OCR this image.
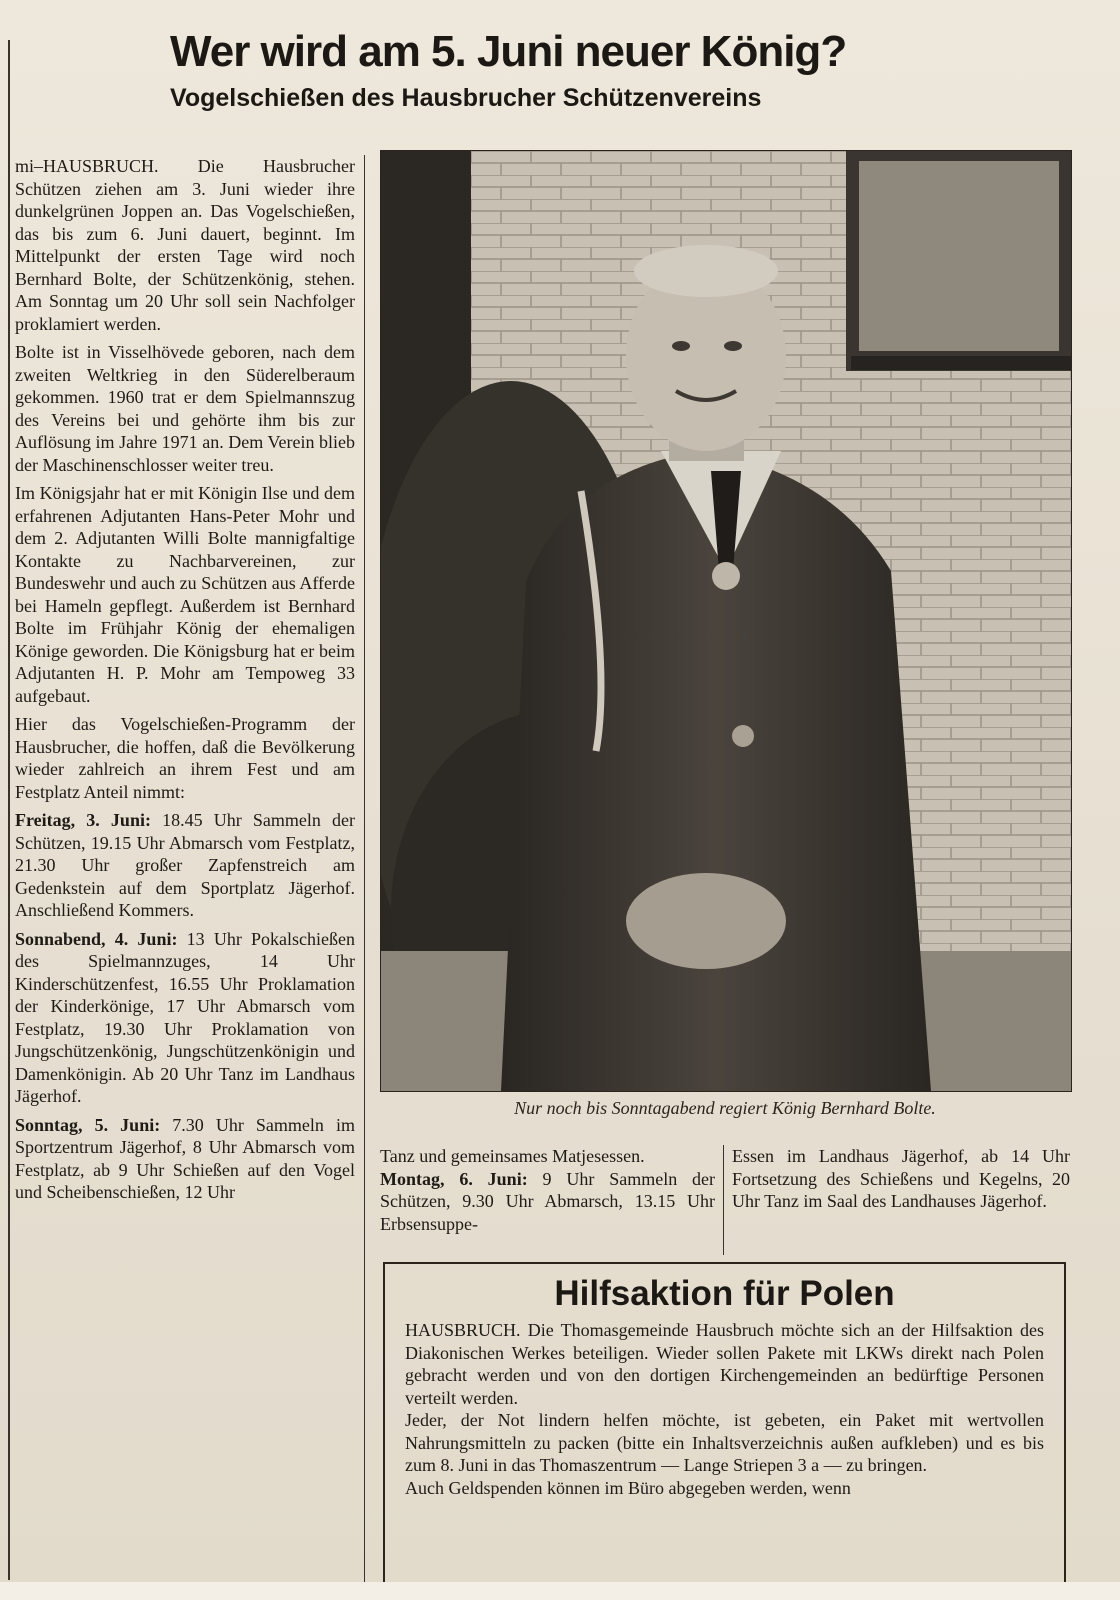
Wer wird am 5. Juni neuer König?
Vogelschießen des Hausbrucher Schützenvereins

mi–HAUSBRUCH. Die Hausbrucher Schützen ziehen am 3. Juni wieder ihre dunkelgrünen Joppen an. Das Vogelschießen, das bis zum 6. Juni dauert, beginnt. Im Mittelpunkt der ersten Tage wird noch Bernhard Bolte, der Schützenkönig, stehen. Am Sonntag um 20 Uhr soll sein Nachfolger proklamiert werden.

Bolte ist in Visselhövede geboren, nach dem zweiten Weltkrieg in den Süderelberaum gekommen. 1960 trat er dem Spielmannszug des Vereins bei und gehörte ihm bis zur Auflösung im Jahre 1971 an. Dem Verein blieb der Maschinenschlosser weiter treu.

Im Königsjahr hat er mit Königin Ilse und dem erfahrenen Adjutanten Hans-Peter Mohr und dem 2. Adjutanten Willi Bolte mannigfaltige Kontakte zu Nachbarvereinen, zur Bundeswehr und auch zu Schützen aus Afferde bei Hameln gepflegt. Außerdem ist Bernhard Bolte im Frühjahr König der ehemaligen Könige geworden. Die Königsburg hat er beim Adjutanten H. P. Mohr am Tempoweg 33 aufgebaut.

Hier das Vogelschießen-Programm der Hausbrucher, die hoffen, daß die Bevölkerung wieder zahlreich an ihrem Fest und am Festplatz Anteil nimmt:

Freitag, 3. Juni: 18.45 Uhr Sammeln der Schützen, 19.15 Uhr Abmarsch vom Festplatz, 21.30 Uhr großer Zapfenstreich am Gedenkstein auf dem Sportplatz Jägerhof. Anschließend Kommers.

Sonnabend, 4. Juni: 13 Uhr Pokalschießen des Spielmannzuges, 14 Uhr Kinderschützenfest, 16.55 Uhr Proklamation der Kinderkönige, 17 Uhr Abmarsch vom Festplatz, 19.30 Uhr Proklamation von Jungschützenkönig, Jungschützenkönigin und Damenkönigin. Ab 20 Uhr Tanz im Landhaus Jägerhof.

Sonntag, 5. Juni: 7.30 Uhr Sammeln im Sportzentrum Jägerhof, 8 Uhr Abmarsch vom Festplatz, ab 9 Uhr Schießen auf den Vogel und Scheibenschießen, 12 Uhr

Nur noch bis Sonntagabend regiert König Bernhard Bolte.

Tanz und gemeinsames Matjesessen.

Montag, 6. Juni: 9 Uhr Sammeln der Schützen, 9.30 Uhr Abmarsch, 13.15 Uhr Erbsensuppe-

Essen im Landhaus Jägerhof, ab 14 Uhr Fortsetzung des Schießens und Kegelns, 20 Uhr Tanz im Saal des Landhauses Jägerhof.

Hilfsaktion für Polen

HAUSBRUCH. Die Thomasgemeinde Hausbruch möchte sich an der Hilfsaktion des Diakonischen Werkes beteiligen. Wieder sollen Pakete mit LKWs direkt nach Polen gebracht werden und von den dortigen Kirchengemeinden an bedürftige Personen verteilt werden.

Jeder, der Not lindern helfen möchte, ist gebeten, ein Paket mit wertvollen Nahrungsmitteln zu packen (bitte ein Inhaltsverzeichnis außen aufkleben) und es bis zum 8. Juni in das Thomaszentrum — Lange Striepen 3 a — zu bringen.

Auch Geldspenden können im Büro abgegeben werden, wenn
